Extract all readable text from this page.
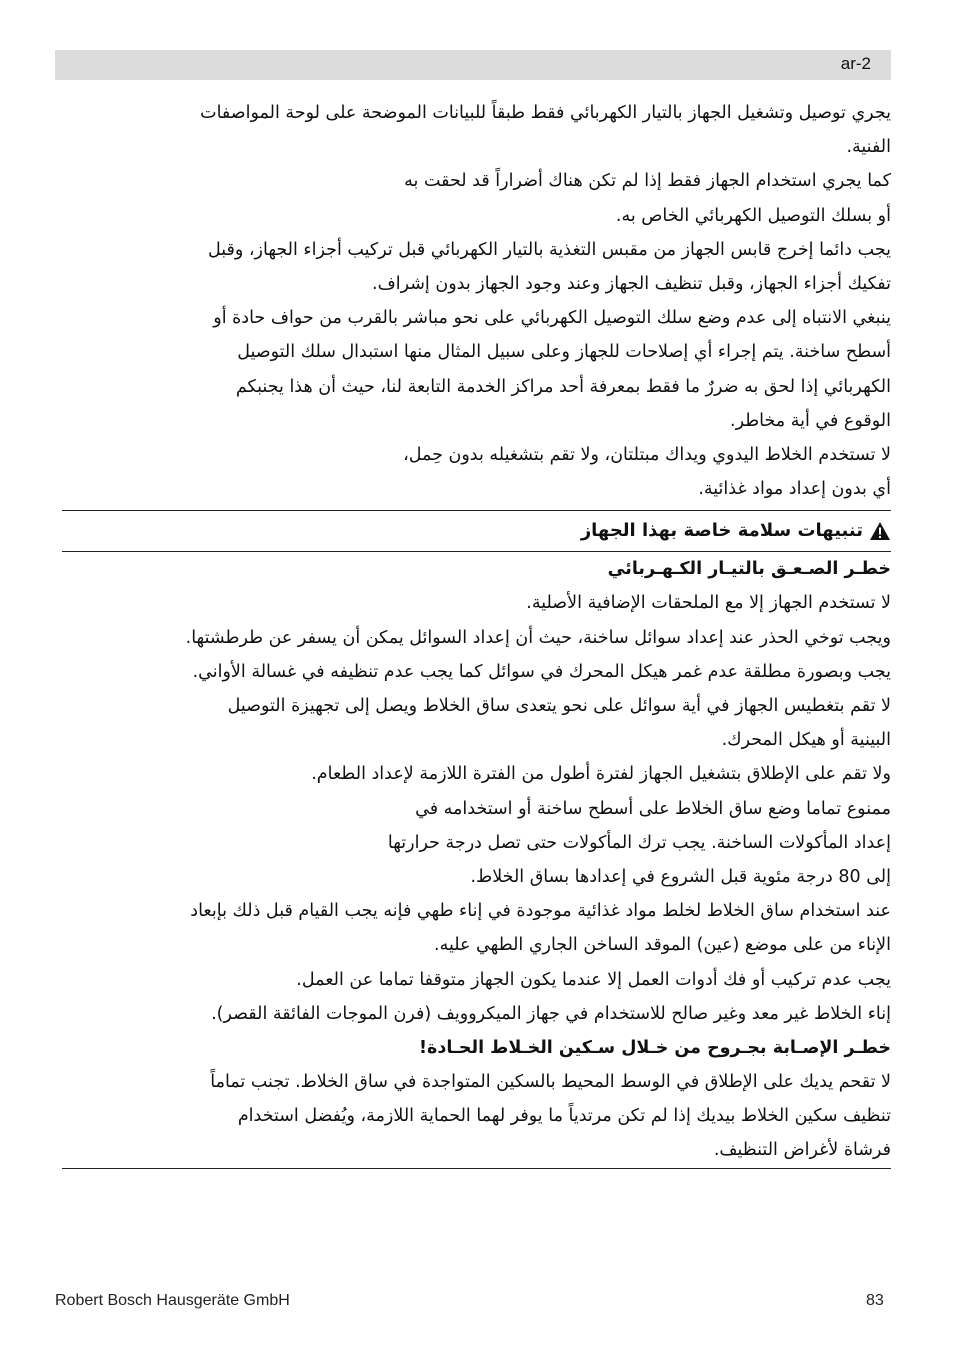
ar-2
يجري توصيل وتشغيل الجهاز بالتيار الكهربائي فقط طبقاً للبيانات الموضحة على لوحة المواصفات
الفنية.
كما يجري استخدام الجهاز فقط إذا لم تكن هناك أضراراً قد لحقت به
أو بسلك التوصيل الكهربائي الخاص به.
يجب دائما إخرج قابس الجهاز من مقبس التغذية بالتيار الكهربائي قبل تركيب أجزاء الجهاز، وقبل
تفكيك أجزاء الجهاز، وقبل تنظيف الجهاز وعند وجود الجهاز بدون إشراف.
ينبغي الانتباه إلى عدم وضع سلك التوصيل الكهربائي على نحو مباشر بالقرب من حواف حادة أو
أسطح ساخنة. يتم إجراء أي إصلاحات للجهاز وعلى سبيل المثال منها استبدال سلك التوصيل
الكهربائي إذا لحق به ضررٌ ما فقط بمعرفة أحد مراكز الخدمة التابعة لنا، حيث أن هذا يجنبكم
الوقوع في أية مخاطر.
لا تستخدم الخلاط اليدوي ويداك مبتلتان، ولا تقم بتشغيله بدون حِمل،
أي بدون إعداد مواد غذائية.
تنبيهات سلامة خاصة بهذا الجهاز
خطـر الصـعـق بالتيـار الكـهـربائي
لا تستخدم الجهاز إلا مع الملحقات الإضافية الأصلية.
ويجب توخي الحذر عند إعداد سوائل ساخنة، حيث أن إعداد السوائل يمكن أن يسفر عن طرطشتها.
يجب وبصورة مطلقة عدم غمر هيكل المحرك في سوائل كما يجب عدم تنظيفه في غسالة الأواني.
لا تقم بتغطيس الجهاز في أية سوائل على نحو يتعدى ساق الخلاط ويصل إلى تجهيزة التوصيل
البينية أو هيكل المحرك.
ولا تقم على الإطلاق بتشغيل الجهاز لفترة أطول من الفترة اللازمة لإعداد الطعام.
ممنوع تماما وضع ساق الخلاط على أسطح ساخنة أو استخدامه في
إعداد المأكولات الساخنة. يجب ترك المأكولات حتى تصل درجة حرارتها
إلى 80 درجة مئوية قبل الشروع في إعدادها بساق الخلاط.
عند استخدام ساق الخلاط لخلط مواد غذائية موجودة في إناء طهي فإنه يجب القيام قبل ذلك بإبعاد
الإناء من على موضع (عين) الموقد الساخن الجاري الطهي عليه.
يجب عدم تركيب أو فك أدوات العمل إلا عندما يكون الجهاز متوقفا تماما عن العمل.
إناء الخلاط غير معد وغير صالح للاستخدام في جهاز الميكروويف (فرن الموجات الفائقة القصر).
خطـر الإصـابة بجـروح من خـلال سـكين الخـلاط الحـادة!
لا تقحم يديك على الإطلاق في الوسط المحيط بالسكين المتواجدة في ساق الخلاط. تجنب تماماً
تنظيف سكين الخلاط بيديك إذا لم تكن مرتدياً ما يوفر لهما الحماية اللازمة، ويُفضل استخدام
فرشاة لأغراض التنظيف.
Robert Bosch Hausgeräte GmbH	83
